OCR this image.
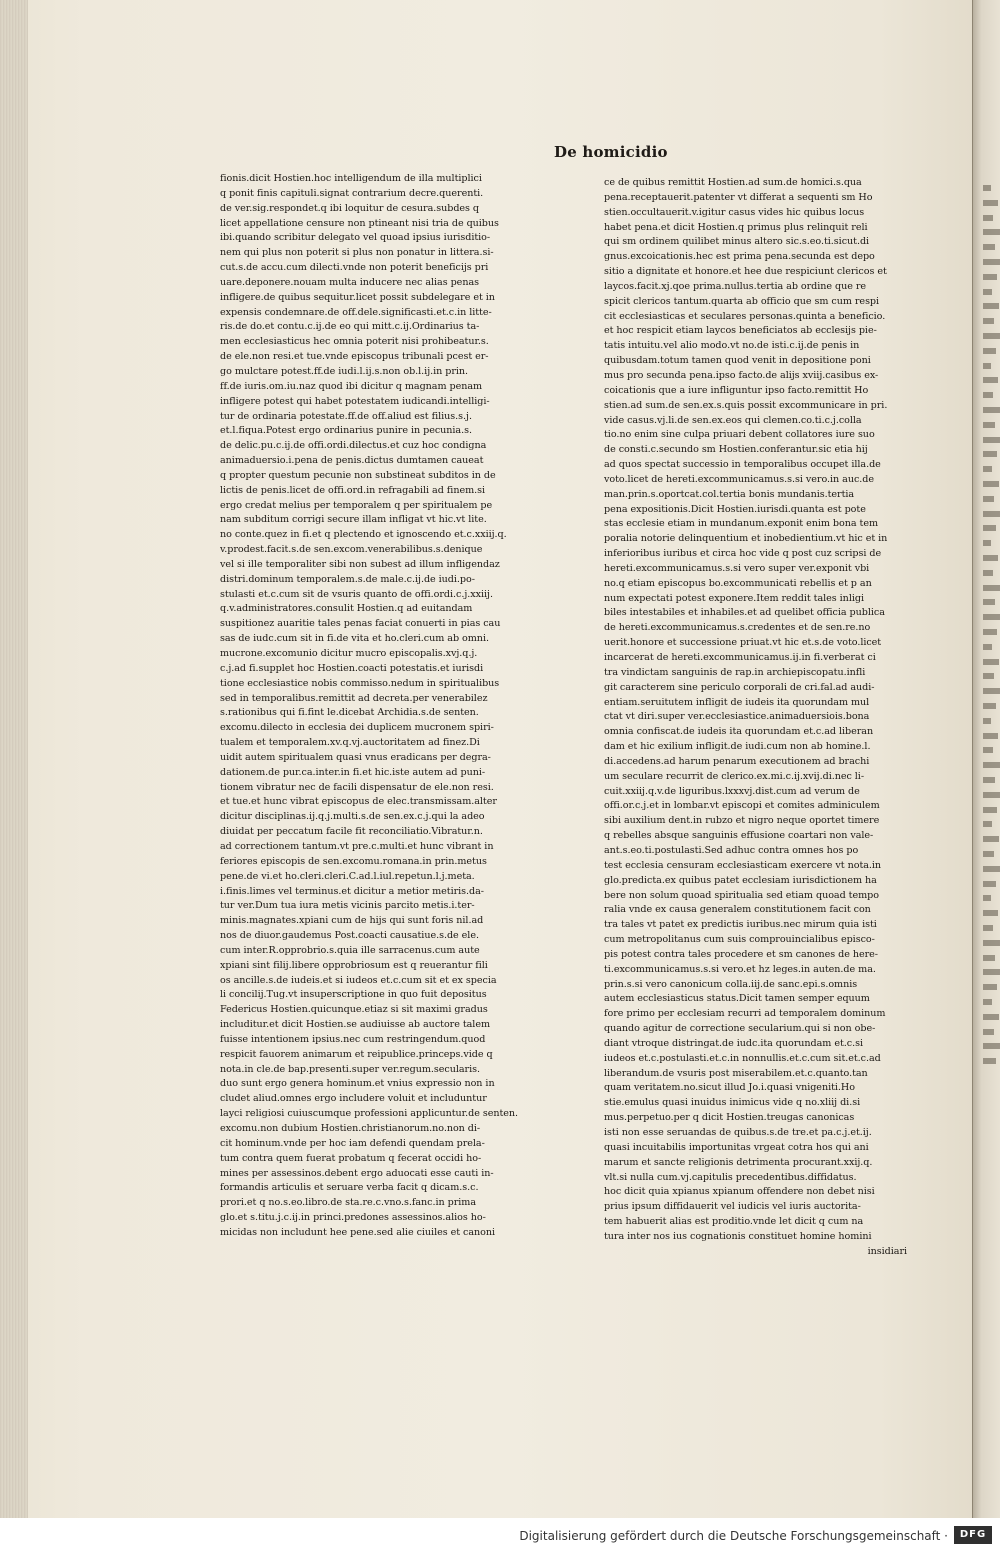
De homicidio
fionis.dicit Hostien.hoc intelligendum de illa multiplici
q ponit finis capituli.signat contrarium decre.querenti.
de ver.sig.respondet.q ibi loquitur de cesura.subdes q
licet appellatione censure non ptineant nisi tria de quibus
ibi.quando scribitur delegato vel quoad ipsius iurisditio-
nem qui plus non poterit si plus non ponatur in littera.si-
cut.s.de accu.cum dilecti.vnde non poterit beneficijs pri
uare.deponere.nouam multa inducere nec alias penas
infligere.de quibus sequitur.licet possit subdelegare et in
expensis condemnare.de off.dele.significasti.et.c.in litte-
ris.de do.et contu.c.ij.de eo qui mitt.c.ij.Ordinarius ta-
men ecclesiasticus hec omnia poterit nisi prohibeatur.s.
de ele.non resi.et tue.vnde episcopus tribunali pcest er-
go mulctare potest.ff.de iudi.l.ij.s.non ob.l.ij.in prin.
ff.de iuris.om.iu.naz quod ibi dicitur q magnam penam
infligere potest qui habet potestatem iudicandi.intelligi-
tur de ordinaria potestate.ff.de off.aliud est filius.s.j.
et.l.fiqua.Potest ergo ordinarius punire in pecunia.s.
de delic.pu.c.ij.de offi.ordi.dilectus.et cuz hoc condigna
animaduersio.i.pena de penis.dictus dumtamen caueat
q propter questum pecunie non substineat subditos in de
lictis de penis.licet de offi.ord.in refragabili ad finem.si
ergo credat melius per temporalem q per spiritualem pe
nam subditum corrigi secure illam infligat vt hic.vt lite.
no conte.quez in fi.et q plectendo et ignoscendo et.c.xxiij.q.
v.prodest.facit.s.de sen.excom.venerabilibus.s.denique
vel si ille temporaliter sibi non subest ad illum infligendaz
distri.dominum temporalem.s.de male.c.ij.de iudi.po-
stulasti et.c.cum sit de vsuris quanto de offi.ordi.c.j.xxiij.
q.v.administratores.consulit Hostien.q ad euitandam
suspitionez auaritie tales penas faciat conuerti in pias cau
sas de iudc.cum sit in fi.de vita et ho.cleri.cum ab omni.
mucrone.excomunio dicitur mucro episcopalis.xvj.q.j.
c.j.ad fi.supplet hoc Hostien.coacti potestatis.et iurisdi
tione ecclesiastice nobis commisso.nedum in spiritualibus
sed in temporalibus.remittit ad decreta.per venerabilez
s.rationibus qui fi.fint le.dicebat Archidia.s.de senten.
excomu.dilecto in ecclesia dei duplicem mucronem spiri-
tualem et temporalem.xv.q.vj.auctoritatem ad finez.Di
uidit autem spiritualem quasi vnus eradicans per degra-
dationem.de pur.ca.inter.in fi.et hic.iste autem ad puni-
tionem vibratur nec de facili dispensatur de ele.non resi.
et tue.et hunc vibrat episcopus de elec.transmissam.alter
dicitur disciplinas.ij.q.j.multi.s.de sen.ex.c.j.qui la adeo
diuidat per peccatum facile fit reconciliatio.Vibratur.n.
ad correctionem tantum.vt pre.c.multi.et hunc vibrant in
feriores episcopis de sen.excomu.romana.in prin.metus
pene.de vi.et ho.cleri.cleri.C.ad.l.iul.repetun.l.j.meta.
i.finis.limes vel terminus.et dicitur a metior metiris.da-
tur ver.Dum tua iura metis vicinis parcito metis.i.ter-
minis.magnates.xpiani cum de hijs qui sunt foris nil.ad
nos de diuor.gaudemus Post.coacti causatiue.s.de ele.
cum inter.R.opprobrio.s.quia ille sarracenus.cum aute
xpiani sint filij.libere opprobriosum est q reuerantur fili
os ancille.s.de iudeis.et si iudeos et.c.cum sit et ex specia
li concilij.Tug.vt insuperscriptione in quo fuit depositus
Federicus Hostien.quicunque.etiaz si sit maximi gradus
includitur.et dicit Hostien.se audiuisse ab auctore talem
fuisse intentionem ipsius.nec cum restringendum.quod
respicit fauorem animarum et reipublice.princeps.vide q
nota.in cle.de bap.presenti.super ver.regum.secularis.
duo sunt ergo genera hominum.et vnius expressio non in
cludet aliud.omnes ergo includere voluit et includuntur
layci religiosi cuiuscumque professioni applicuntur.de senten.
excomu.non dubium Hostien.christianorum.no.non di-
cit hominum.vnde per hoc iam defendi quendam prela-
tum contra quem fuerat probatum q fecerat occidi ho-
mines per assessinos.debent ergo aduocati esse cauti in-
formandis articulis et seruare verba facit q dicam.s.c.
prori.et q no.s.eo.libro.de sta.re.c.vno.s.fanc.in prima
glo.et s.titu.j.c.ij.in princi.predones assessinos.alios ho-
micidas non includunt hee pene.sed alie ciuiles et canoni
ce de quibus remittit Hostien.ad sum.de homici.s.qua
pena.receptauerit.patenter vt differat a sequenti sm Ho
stien.occultauerit.v.igitur casus vides hic quibus locus
habet pena.et dicit Hostien.q primus plus relinquit reli
qui sm ordinem quilibet minus altero sic.s.eo.ti.sicut.di
gnus.excoicationis.hec est prima pena.secunda est depo
sitio a dignitate et honore.et hee due respiciunt clericos et
laycos.facit.xj.qoe prima.nullus.tertia ab ordine que re
spicit clericos tantum.quarta ab officio que sm cum respi
cit ecclesiasticas et seculares personas.quinta a beneficio.
et hoc respicit etiam laycos beneficiatos ab ecclesijs pie-
tatis intuitu.vel alio modo.vt no.de isti.c.ij.de penis in
quibusdam.totum tamen quod venit in depositione poni
mus pro secunda pena.ipso facto.de alijs xviij.casibus ex-
coicationis que a iure infliguntur ipso facto.remittit Ho
stien.ad sum.de sen.ex.s.quis possit excommunicare in pri.
vide casus.vj.li.de sen.ex.eos qui clemen.co.ti.c.j.colla
tio.no enim sine culpa priuari debent collatores iure suo
de consti.c.secundo sm Hostien.conferantur.sic etia hij
ad quos spectat successio in temporalibus occupet illa.de
voto.licet de hereti.excommunicamus.s.si vero.in auc.de
man.prin.s.oportcat.col.tertia bonis mundanis.tertia
pena expositionis.Dicit Hostien.iurisdi.quanta est pote
stas ecclesie etiam in mundanum.exponit enim bona tem
poralia notorie delinquentium et inobedientium.vt hic et in
inferioribus iuribus et circa hoc vide q post cuz scripsi de
hereti.excommunicamus.s.si vero super ver.exponit vbi
no.q etiam episcopus bo.excommunicati rebellis et p an
num expectati potest exponere.Item reddit tales inligi
biles intestabiles et inhabiles.et ad quelibet officia publica
de hereti.excommunicamus.s.credentes et de sen.re.no
uerit.honore et successione priuat.vt hic et.s.de voto.licet
incarcerat de hereti.excommunicamus.ij.in fi.verberat ci
tra vindictam sanguinis de rap.in archiepiscopatu.infli
git caracterem sine periculo corporali de cri.fal.ad audi-
entiam.seruitutem infligit de iudeis ita quorundam mul
ctat vt diri.super ver.ecclesiastice.animaduersiois.bona
omnia confiscat.de iudeis ita quorundam et.c.ad liberan
dam et hic exilium infligit.de iudi.cum non ab homine.l.
di.accedens.ad harum penarum executionem ad brachi
um seculare recurrit de clerico.ex.mi.c.ij.xvij.di.nec li-
cuit.xxiij.q.v.de liguribus.lxxxvj.dist.cum ad verum de
offi.or.c.j.et in lombar.vt episcopi et comites adminiculem
sibi auxilium dent.in rubzo et nigro neque oportet timere
q rebelles absque sanguinis effusione coartari non vale-
ant.s.eo.ti.postulasti.Sed adhuc contra omnes hos po
test ecclesia censuram ecclesiasticam exercere vt nota.in
glo.predicta.ex quibus patet ecclesiam iurisdictionem ha
bere non solum quoad spiritualia sed etiam quoad tempo
ralia vnde ex causa generalem constitutionem facit con
tra tales vt patet ex predictis iuribus.nec mirum quia isti
cum metropolitanus cum suis comprouincialibus episco-
pis potest contra tales procedere et sm canones de here-
ti.excommunicamus.s.si vero.et hz leges.in auten.de ma.
prin.s.si vero canonicum colla.iij.de sanc.epi.s.omnis
autem ecclesiasticus status.Dicit tamen semper equum
fore primo per ecclesiam recurri ad temporalem dominum
quando agitur de correctione secularium.qui si non obe-
diant vtroque distringat.de iudc.ita quorundam et.c.si
iudeos et.c.postulasti.et.c.in nonnullis.et.c.cum sit.et.c.ad
liberandum.de vsuris post miserabilem.et.c.quanto.tan
quam veritatem.no.sicut illud Jo.i.quasi vnigeniti.Ho
stie.emulus quasi inuidus inimicus vide q no.xliij di.si
mus.perpetuo.per q dicit Hostien.treugas canonicas
isti non esse seruandas de quibus.s.de tre.et pa.c.j.et.ij.
quasi incuitabilis importunitas vrgeat cotra hos qui ani
marum et sancte religionis detrimenta procurant.xxij.q.
vlt.si nulla cum.vj.capitulis precedentibus.diffidatus.
hoc dicit quia xpianus xpianum offendere non debet nisi
prius ipsum diffidauerit vel iudicis vel iuris auctorita-
tem habuerit alias est proditio.vnde let dicit q cum na
tura inter nos ius cognationis constituet homine homini
insidiari
Digitalisierung gefördert durch die Deutsche Forschungsgemeinschaft ·	DFG
